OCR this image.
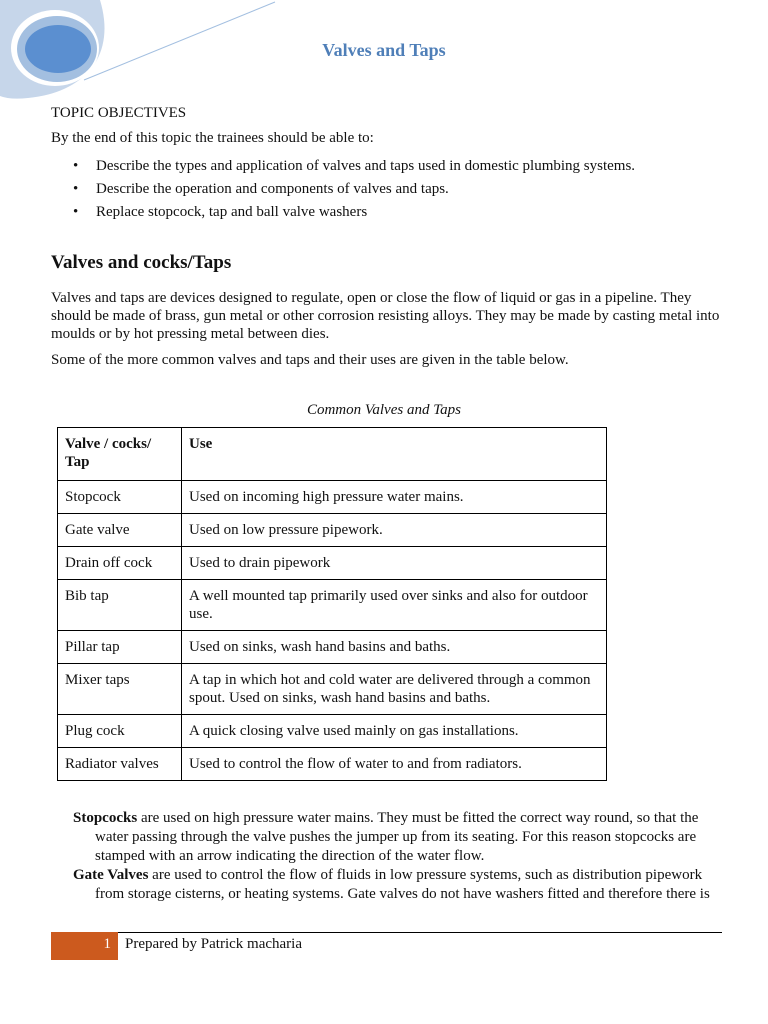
Valves and Taps
TOPIC OBJECTIVES
By the end of this topic the trainees should be able to:
• Describe the types and application of valves and taps used in domestic plumbing systems.
• Describe the operation and components of valves and taps.
• Replace stopcock, tap and ball valve washers
Valves and cocks/Taps
Valves and taps are devices designed to regulate, open or close the flow of liquid or gas in a pipeline. They should be made of brass, gun metal or other corrosion resisting alloys. They may be made by casting metal into moulds or by hot pressing metal between dies.
Some of the more common valves and taps and their uses are given in the table below.
Common Valves and Taps
Valve / cocks/ Tap	Use
Stopcock	Used on incoming high pressure water mains.
Gate valve	Used on low pressure pipework.
Drain off cock	Used to drain pipework
Bib tap	A well mounted tap primarily used over sinks and also for outdoor use.
Pillar tap	Used on sinks, wash hand basins and baths.
Mixer taps	A tap in which hot and cold water are delivered through a common spout. Used on sinks, wash hand basins and baths.
Plug cock	A quick closing valve used mainly on gas installations.
Radiator valves	Used to control the flow of water to and from radiators.
Stopcocks are used on high pressure water mains. They must be fitted the correct way round, so that the
water passing through the valve pushes the jumper up from its seating. For this reason stopcocks are stamped with an arrow indicating the direction of the water flow.
Gate Valves are used to control the flow of fluids in low pressure systems, such as distribution pipework
from storage cisterns, or heating systems. Gate valves do not have washers fitted and therefore there is
1 Prepared by Patrick macharia
